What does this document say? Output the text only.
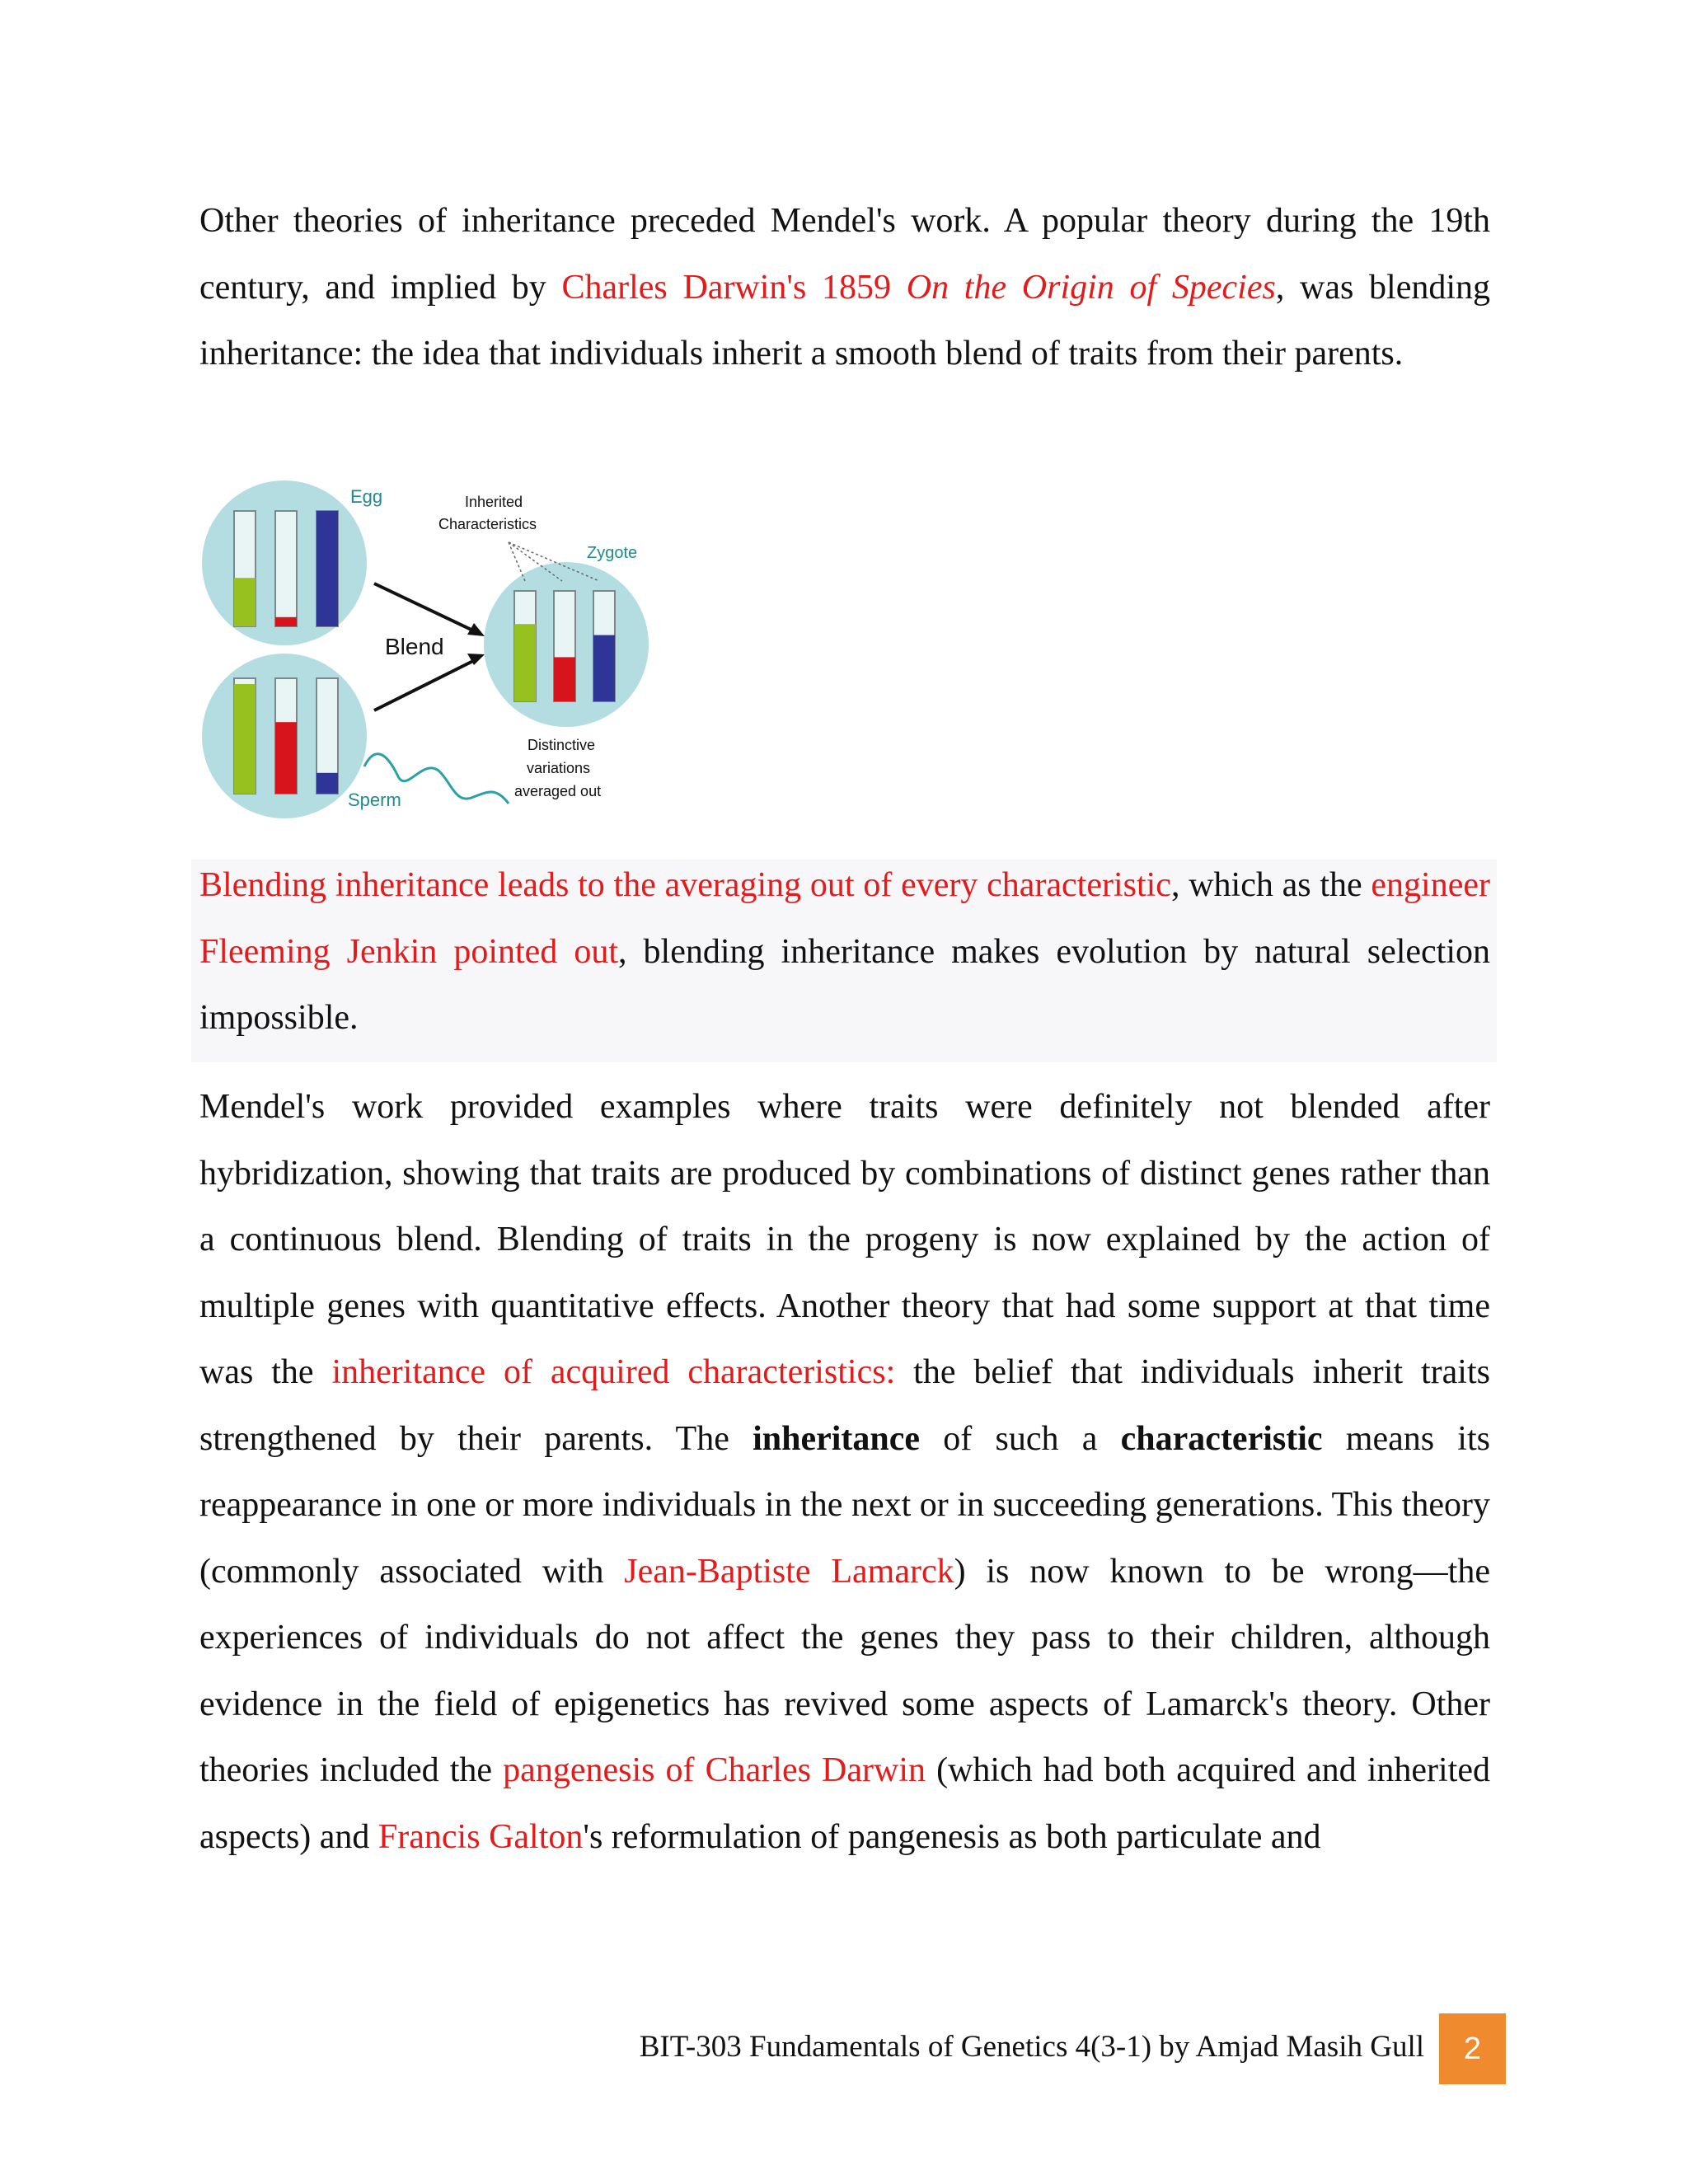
Other theories of inheritance preceded Mendel's work. A popular theory during the 19th century, and implied by Charles Darwin's 1859 On the Origin of Species, was blending inheritance: the idea that individuals inherit a smooth blend of traits from their parents.
Egg	Inherited
Characteristics
Zygote
Blend
Distinctive
variations
averaged out
Sperm
Blending inheritance leads to the averaging out of every characteristic, which as the engineer Fleeming Jenkin pointed out, blending inheritance makes evolution by natural selection impossible.
Mendel's work provided examples where traits were definitely not blended after hybridization, showing that traits are produced by combinations of distinct genes rather than a continuous blend. Blending of traits in the progeny is now explained by the action of multiple genes with quantitative effects. Another theory that had some support at that time was the inheritance of acquired characteristics: the belief that individuals inherit traits strengthened by their parents. The inheritance of such a characteristic means its reappearance in one or more individuals in the next or in succeeding generations. This theory (commonly associated with Jean-Baptiste Lamarck) is now known to be wrong—the experiences of individuals do not affect the genes they pass to their children, although evidence in the field of epigenetics has revived some aspects of Lamarck's theory. Other theories included the pangenesis of Charles Darwin (which had both acquired and inherited aspects) and Francis Galton's reformulation of pangenesis as both particulate and
BIT-303 Fundamentals of Genetics 4(3-1) by Amjad Masih Gull	2
